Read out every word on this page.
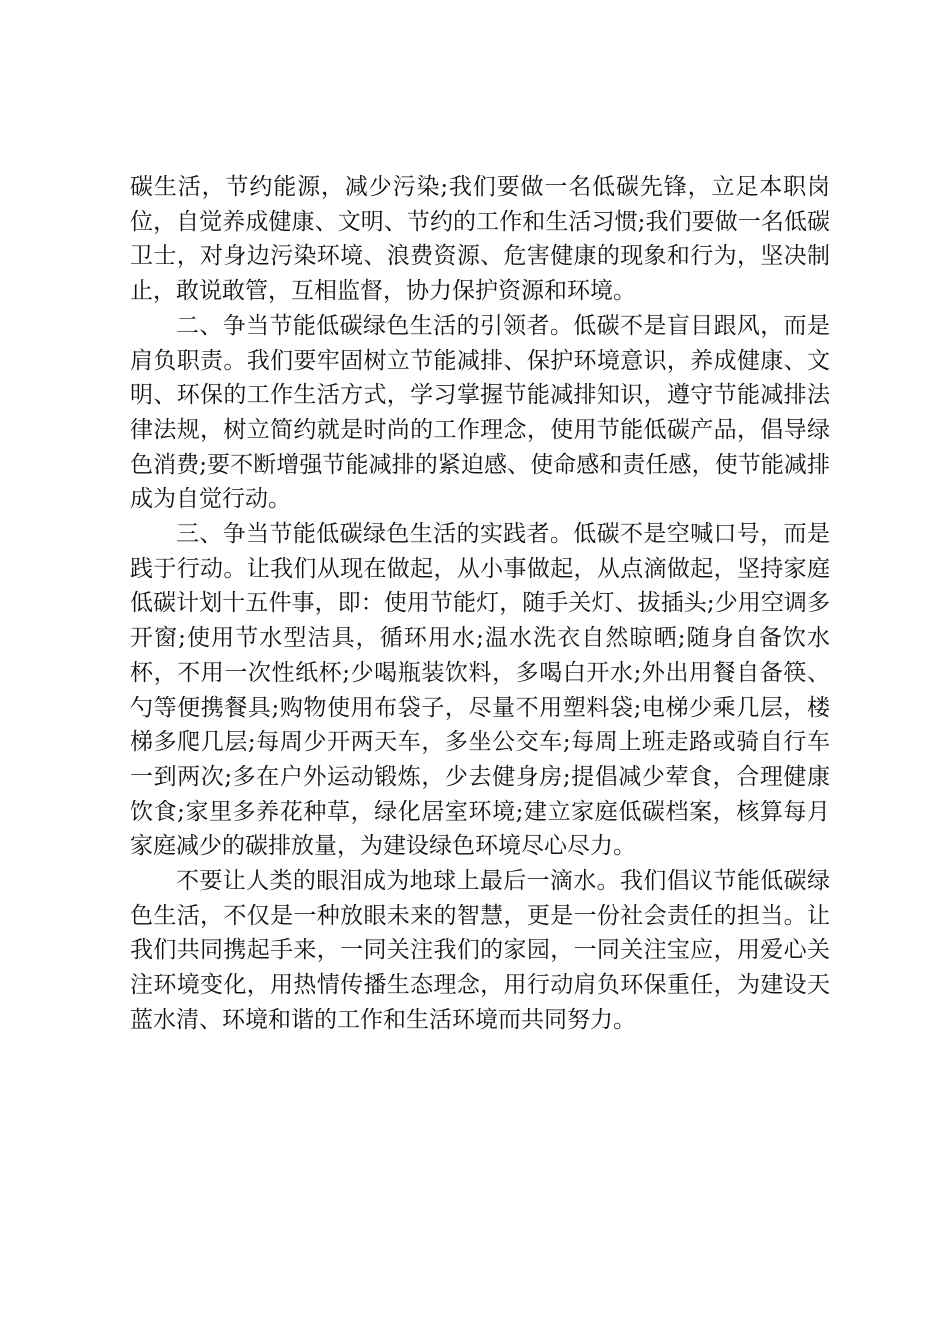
碳生活，节约能源，减少污染;我们要做一名低碳先锋，立足本职岗位，自觉养成健康、文明、节约的工作和生活习惯;我们要做一名低碳卫士，对身边污染环境、浪费资源、危害健康的现象和行为，坚决制止，敢说敢管，互相监督，协力保护资源和环境。

二、争当节能低碳绿色生活的引领者。低碳不是盲目跟风，而是肩负职责。我们要牢固树立节能减排、保护环境意识，养成健康、文明、环保的工作生活方式，学习掌握节能减排知识，遵守节能减排法律法规，树立简约就是时尚的工作理念，使用节能低碳产品，倡导绿色消费;要不断增强节能减排的紧迫感、使命感和责任感，使节能减排成为自觉行动。

三、争当节能低碳绿色生活的实践者。低碳不是空喊口号，而是践于行动。让我们从现在做起，从小事做起，从点滴做起，坚持家庭低碳计划十五件事，即：使用节能灯，随手关灯、拔插头;少用空调多开窗;使用节水型洁具，循环用水;温水洗衣自然晾晒;随身自备饮水杯，不用一次性纸杯;少喝瓶装饮料，多喝白开水;外出用餐自备筷、勺等便携餐具;购物使用布袋子，尽量不用塑料袋;电梯少乘几层，楼梯多爬几层;每周少开两天车，多坐公交车;每周上班走路或骑自行车一到两次;多在户外运动锻炼，少去健身房;提倡减少荤食，合理健康饮食;家里多养花种草，绿化居室环境;建立家庭低碳档案，核算每月家庭减少的碳排放量，为建设绿色环境尽心尽力。

不要让人类的眼泪成为地球上最后一滴水。我们倡议节能低碳绿色生活，不仅是一种放眼未来的智慧，更是一份社会责任的担当。让我们共同携起手来，一同关注我们的家园，一同关注宝应，用爱心关注环境变化，用热情传播生态理念，用行动肩负环保重任，为建设天蓝水清、环境和谐的工作和生活环境而共同努力。
